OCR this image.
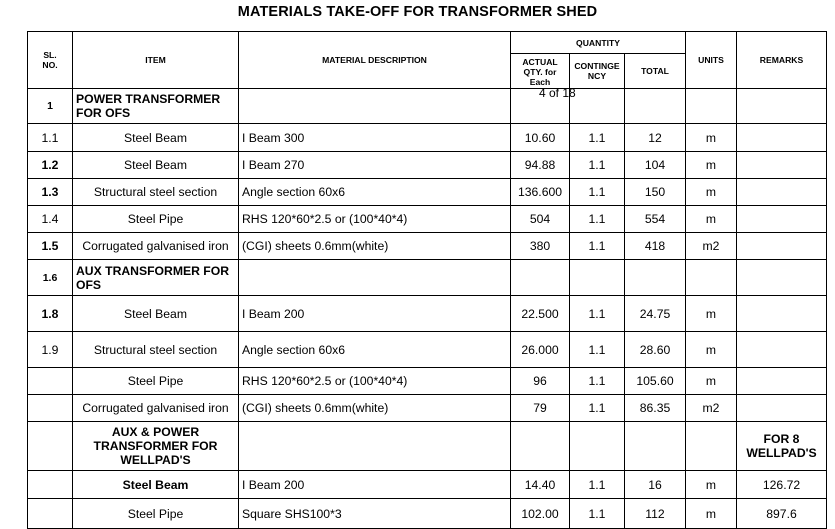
MATERIALS TAKE-OFF FOR TRANSFORMER SHED
SL.
NO.	ITEM	MATERIAL DESCRIPTION	QUANTITY			UNITS	REMARKS

			ACTUAL QTY. for Each	CONTINGE NCY	TOTAL		
1	POWER TRANSFORMER FOR OFS						
1.1	Steel Beam	I Beam 300	10.60	1.1	12	m	
1.2	Steel Beam	I Beam 270	94.88	1.1	104	m	
1.3	Structural steel section	Angle section 60x6	136.600	1.1	150	m	
1.4	Steel Pipe	RHS 120*60*2.5 or (100*40*4)	504	1.1	554	m	
1.5	Corrugated galvanised iron	(CGI) sheets 0.6mm(white)	380	1.1	418	m2	
1.6	AUX TRANSFORMER FOR OFS						
1.8	Steel Beam	I Beam 200	22.500	1.1	24.75	m	
1.9	Structural steel section	Angle section 60x6	26.000	1.1	28.60	m	
	Steel Pipe	RHS 120*60*2.5 or (100*40*4)	96	1.1	105.60	m	
	Corrugated galvanised iron	(CGI) sheets 0.6mm(white)	79	1.1	86.35	m2	
	AUX & POWER TRANSFORMER FOR WELLPAD'S						FOR 8 WELLPAD'S
	Steel Beam	I Beam 200	14.40	1.1	16	m	126.72
	Steel Pipe	Square SHS100*3	102.00	1.1	112	m	897.6
4 of 18
